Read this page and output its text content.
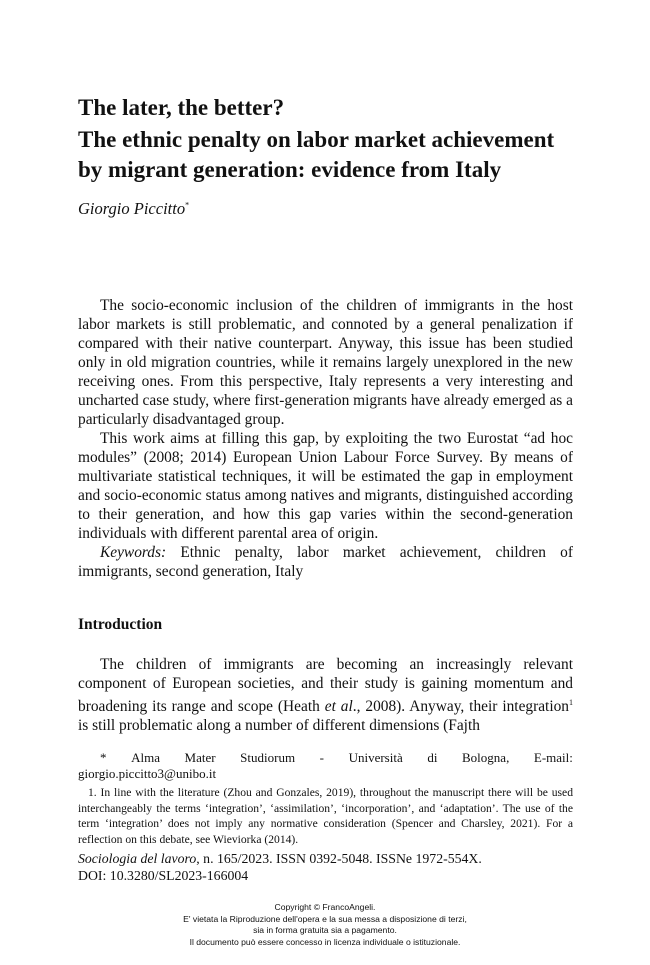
The later, the better?
The ethnic penalty on labor market achievement
by migrant generation: evidence from Italy

Giorgio Piccitto*

The socio-economic inclusion of the children of immigrants in the host labor markets is still problematic, and connoted by a general penalization if compared with their native counterpart. Anyway, this issue has been studied only in old migration countries, while it remains largely unexplored in the new receiving ones. From this perspective, Italy represents a very interesting and uncharted case study, where first-generation migrants have already emerged as a particularly disadvantaged group.

This work aims at filling this gap, by exploiting the two Eurostat “ad hoc modules” (2008; 2014) European Union Labour Force Survey. By means of multivariate statistical techniques, it will be estimated the gap in employment and socio-economic status among natives and migrants, distinguished according to their generation, and how this gap varies within the second-generation individuals with different parental area of origin.

Keywords: Ethnic penalty, labor market achievement, children of immigrants, second generation, Italy

Introduction

The children of immigrants are becoming an increasingly relevant component of European societies, and their study is gaining momentum and broadening its range and scope (Heath et al., 2008). Anyway, their integration$^1$ is still problematic along a number of different dimensions (Fajth

* Alma Mater Studiorum - Università di Bologna, E-mail:
giorgio.piccitto3@unibo.it

1. In line with the literature (Zhou and Gonzales, 2019), throughout the manuscript there will be used interchangeably the terms ‘integration’, ‘assimilation’, ‘incorporation’, and ‘adaptation’. The use of the term ‘integration’ does not imply any normative consideration (Spencer and Charsley, 2021). For a reflection on this debate, see Wieviorka (2014).

Sociologia del lavoro, n. 165/2023. ISSN 0392-5048. ISSNe 1972-554X.
DOI: 10.3280/SL2023-166004
Copyright © FrancoAngeli.
E' vietata la Riproduzione dell'opera e la sua messa a disposizione di terzi,
sia in forma gratuita sia a pagamento.
Il documento può essere concesso in licenza individuale o istituzionale.
